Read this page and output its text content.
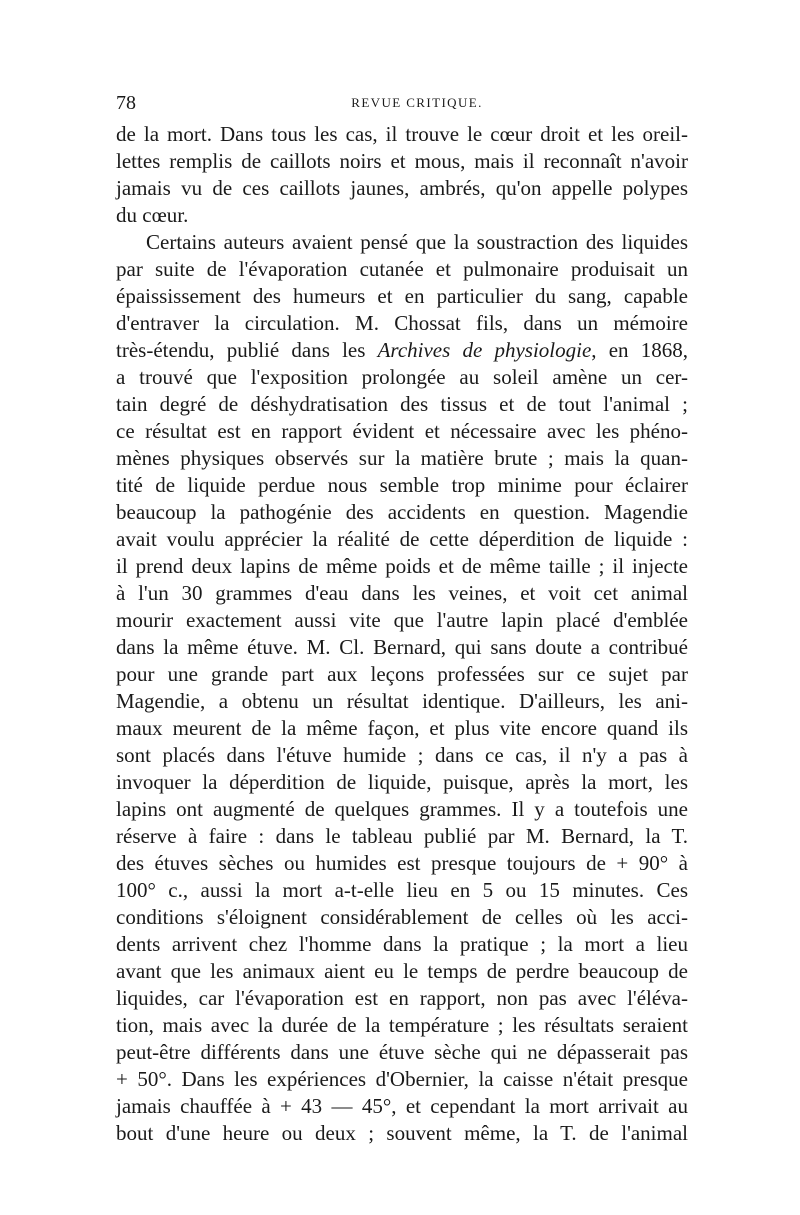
78	REVUE CRITIQUE.
de la mort. Dans tous les cas, il trouve le cœur droit et les oreil-
lettes remplis de caillots noirs et mous, mais il reconnaît n'avoir
jamais vu de ces caillots jaunes, ambrés, qu'on appelle polypes
du cœur.
Certains auteurs avaient pensé que la soustraction des liquides
par suite de l'évaporation cutanée et pulmonaire produisait un
épaississement des humeurs et en particulier du sang, capable
d'entraver la circulation. M. Chossat fils, dans un mémoire
très-étendu, publié dans les Archives de physiologie, en 1868,
a trouvé que l'exposition prolongée au soleil amène un cer-
tain degré de déshydratisation des tissus et de tout l'animal ;
ce résultat est en rapport évident et nécessaire avec les phéno-
mènes physiques observés sur la matière brute ; mais la quan-
tité de liquide perdue nous semble trop minime pour éclairer
beaucoup la pathogénie des accidents en question. Magendie
avait voulu apprécier la réalité de cette déperdition de liquide :
il prend deux lapins de même poids et de même taille ; il injecte
à l'un 30 grammes d'eau dans les veines, et voit cet animal
mourir exactement aussi vite que l'autre lapin placé d'emblée
dans la même étuve. M. Cl. Bernard, qui sans doute a contribué
pour une grande part aux leçons professées sur ce sujet par
Magendie, a obtenu un résultat identique. D'ailleurs, les ani-
maux meurent de la même façon, et plus vite encore quand ils
sont placés dans l'étuve humide ; dans ce cas, il n'y a pas à
invoquer la déperdition de liquide, puisque, après la mort, les
lapins ont augmenté de quelques grammes. Il y a toutefois une
réserve à faire : dans le tableau publié par M. Bernard, la T.
des étuves sèches ou humides est presque toujours de + 90° à
100° c., aussi la mort a-t-elle lieu en 5 ou 15 minutes. Ces
conditions s'éloignent considérablement de celles où les acci-
dents arrivent chez l'homme dans la pratique ; la mort a lieu
avant que les animaux aient eu le temps de perdre beaucoup de
liquides, car l'évaporation est en rapport, non pas avec l'éléva-
tion, mais avec la durée de la température ; les résultats seraient
peut-être différents dans une étuve sèche qui ne dépasserait pas
+ 50°. Dans les expériences d'Obernier, la caisse n'était presque
jamais chauffée à + 43 — 45°, et cependant la mort arrivait au
bout d'une heure ou deux ; souvent même, la T. de l'animal
